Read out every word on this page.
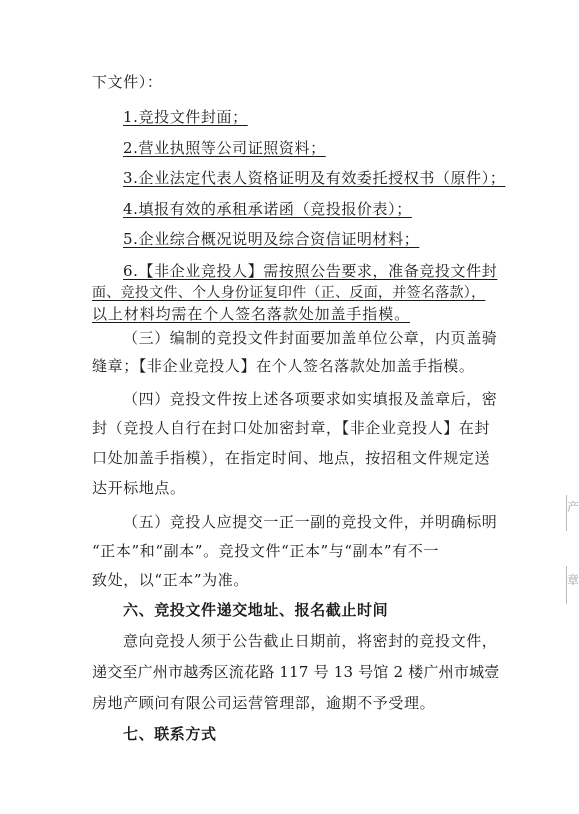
下文件）：
1.竞投文件封面；
2.营业执照等公司证照资料；
3.企业法定代表人资格证明及有效委托授权书（原件）；
4.填报有效的承租承诺函（竞投报价表）；
5.企业综合概况说明及综合资信证明材料；
6.【非企业竞投人】需按照公告要求，准备竞投文件封
面、竞投文件、个人身份证复印件（正、反面，并签名落款），
以上材料均需在个人签名落款处加盖手指模。
（三）编制的竞投文件封面要加盖单位公章，内页盖骑
缝章；【非企业竞投人】在个人签名落款处加盖手指模。
（四）竞投文件按上述各项要求如实填报及盖章后，密
封（竞投人自行在封口处加密封章，【非企业竞投人】在封
口处加盖手指模），在指定时间、地点，按招租文件规定送
达开标地点。
（五）竞投人应提交一正一副的竞投文件，并明确标明
“正本”和“副本”。竞投文件“正本”与“副本”有不一
致处，以“正本”为准。
六、竞投文件递交地址、报名截止时间
意向竞投人须于公告截止日期前，将密封的竞投文件，
递交至广州市越秀区流花路 117 号 13 号馆 2 楼广州市城壹
房地产顾问有限公司运营管理部，逾期不予受理。
七、联系方式
产
章
